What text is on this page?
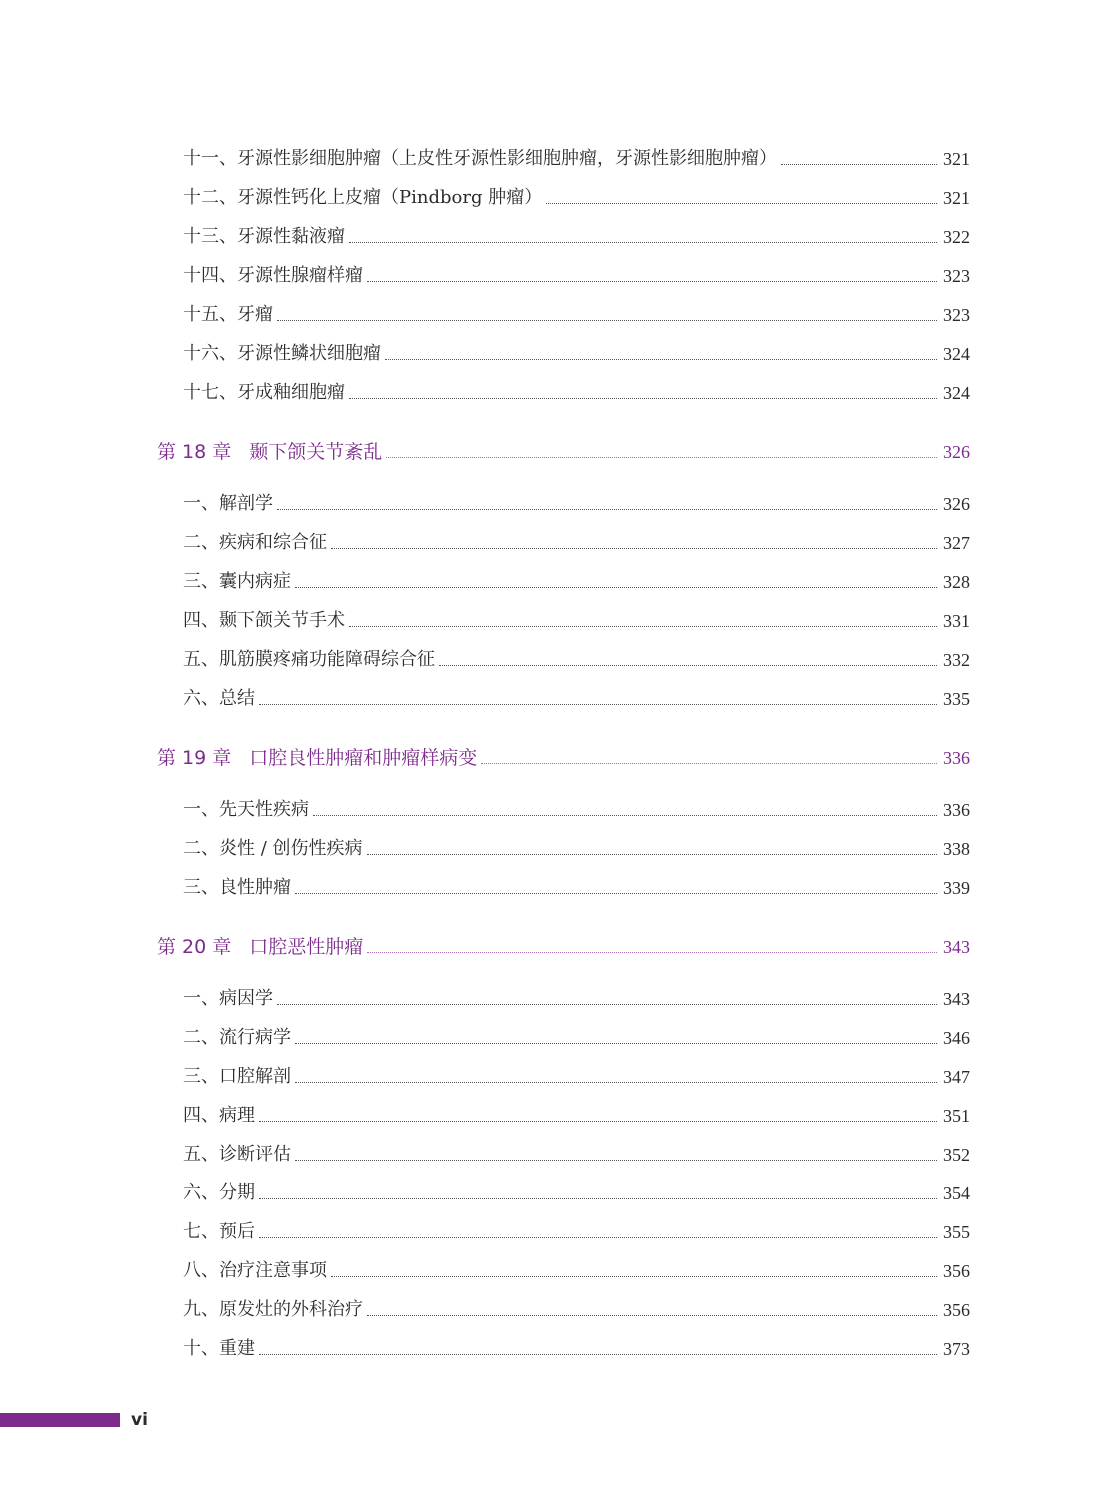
十一、牙源性影细胞肿瘤（上皮性牙源性影细胞肿瘤，牙源性影细胞肿瘤）	321
十二、牙源性钙化上皮瘤（Pindborg 肿瘤）	321
十三、牙源性黏液瘤	322
十四、牙源性腺瘤样瘤	323
十五、牙瘤	323
十六、牙源性鳞状细胞瘤	324
十七、牙成釉细胞瘤	324
第 18 章 颞下颌关节紊乱	326
一、解剖学	326
二、疾病和综合征	327
三、囊内病症	328
四、颞下颌关节手术	331
五、肌筋膜疼痛功能障碍综合征	332
六、总结	335
第 19 章 口腔良性肿瘤和肿瘤样病变	336
一、先天性疾病	336
二、炎性 / 创伤性疾病	338
三、良性肿瘤	339
第 20 章 口腔恶性肿瘤	343
一、病因学	343
二、流行病学	346
三、口腔解剖	347
四、病理	351
五、诊断评估	352
六、分期	354
七、预后	355
八、治疗注意事项	356
九、原发灶的外科治疗	356
十、重建	373
vi
